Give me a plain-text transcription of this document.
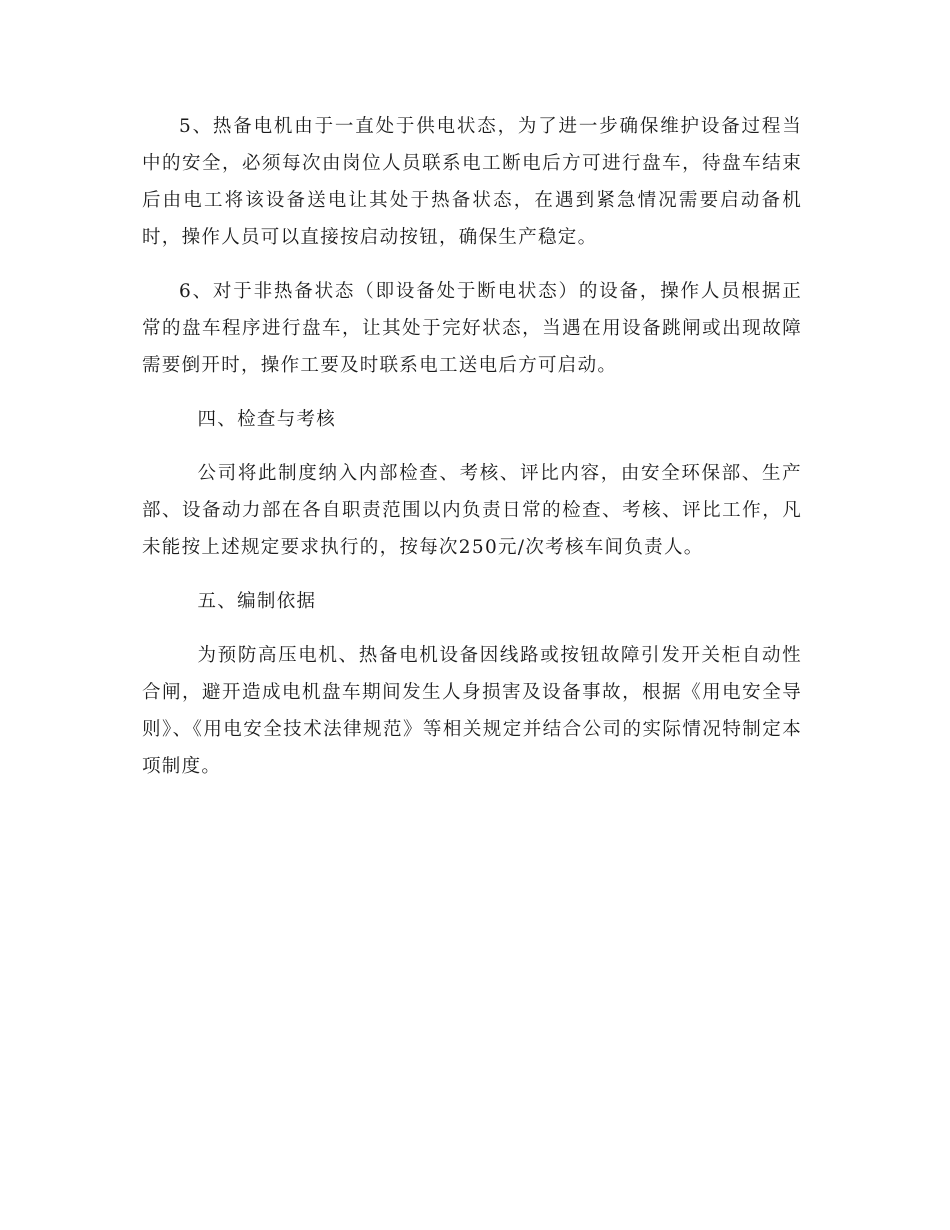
5、热备电机由于一直处于供电状态，为了进一步确保维护设备过程当中的安全，必须每次由岗位人员联系电工断电后方可进行盘车，待盘车结束后由电工将该设备送电让其处于热备状态，在遇到紧急情况需要启动备机时，操作人员可以直接按启动按钮，确保生产稳定。

6、对于非热备状态（即设备处于断电状态）的设备，操作人员根据正常的盘车程序进行盘车，让其处于完好状态，当遇在用设备跳闸或出现故障需要倒开时，操作工要及时联系电工送电后方可启动。

四、检查与考核

公司将此制度纳入内部检查、考核、评比内容，由安全环保部、生产部、设备动力部在各自职责范围以内负责日常的检查、考核、评比工作，凡未能按上述规定要求执行的，按每次250元/次考核车间负责人。

五、编制依据

为预防高压电机、热备电机设备因线路或按钮故障引发开关柜自动性合闸，避开造成电机盘车期间发生人身损害及设备事故，根据《用电安全导则》、《用电安全技术法律规范》等相关规定并结合公司的实际情况特制定本项制度。
